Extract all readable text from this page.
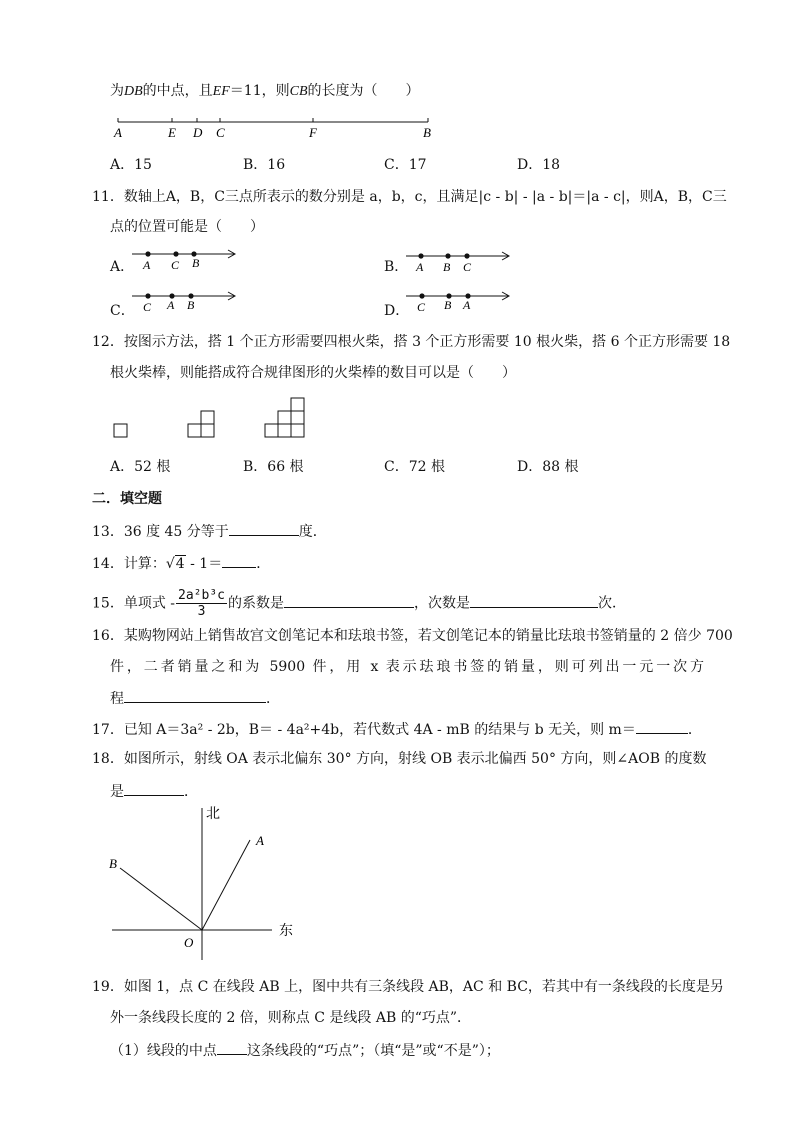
为DB的中点，且EF＝11，则CB的长度为（　　）
A	E D C	F	B
A．15	B．16	C．17	D．18
11．数轴上A，B，C三点所表示的数分别是 a，b，c，且满足|c - b| - |a - b|＝|a - c|，则A，B，C三
点的位置可能是（　　）
A． A C B	B． A B C
C． C A B	D． C B A
12．按图示方法，搭 1 个正方形需要四根火柴，搭 3 个正方形需要 10 根火柴，搭 6 个正方形需要 18
根火柴棒，则能搭成符合规律图形的火柴棒的数目可以是（　　）
A．52 根	B．66 根	C．72 根	D．88 根
二．填空题
13．36 度 45 分等于	度．
14．计算：√4 - 1＝ ．
15．单项式 - $\frac{\text{2a²b³c}}{3}$ 的系数是	，次数是	次．
16．某购物网站上销售故宫文创笔记本和珐琅书签，若文创笔记本的销量比珐琅书签销量的 2 倍少 700
件，二者销量之和为 5900 件，用 x 表示珐琅书签的销量，则可列出一元一次方
程	．
17．已知 A＝3a² - 2b，B＝ - 4a²+4b，若代数式 4A - mB 的结果与 b 无关，则 m＝	．
18．如图所示，射线 OA 表示北偏东 30° 方向，射线 OB 表示北偏西 50° 方向，则∠AOB 的度数
是	．
北
东
A
B
O
19．如图 1，点 C 在线段 AB 上，图中共有三条线段 AB，AC 和 BC，若其中有一条线段的长度是另
外一条线段长度的 2 倍，则称点 C 是线段 AB 的“巧点”．
（1）线段的中点 这条线段的“巧点”；（填“是”或“不是”）；
